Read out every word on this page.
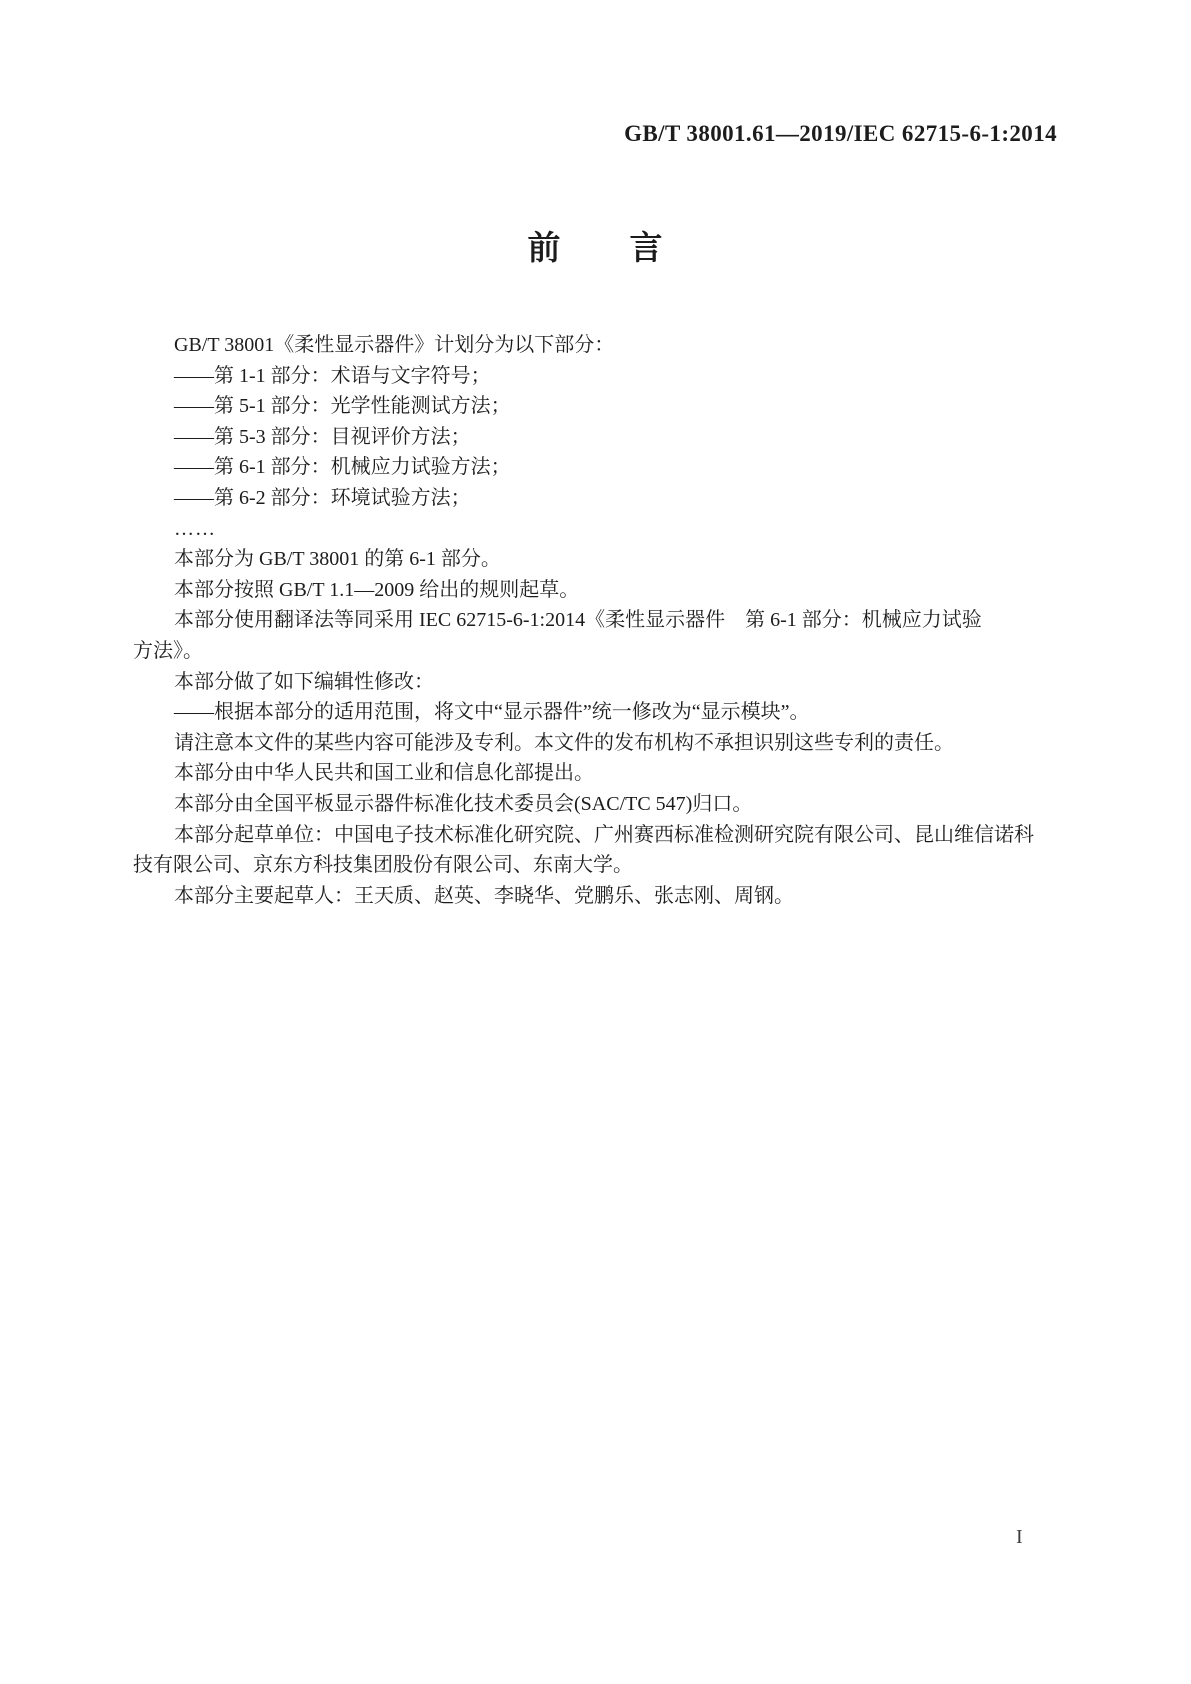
GB/T 38001.61—2019/IEC 62715-6-1:2014
前　　言
GB/T 38001《柔性显示器件》计划分为以下部分：
——第 1-1 部分：术语与文字符号；
——第 5-1 部分：光学性能测试方法；
——第 5-3 部分：目视评价方法；
——第 6-1 部分：机械应力试验方法；
——第 6-2 部分：环境试验方法；
……
本部分为 GB/T 38001 的第 6-1 部分。
本部分按照 GB/T 1.1—2009 给出的规则起草。
本部分使用翻译法等同采用 IEC 62715-6-1:2014《柔性显示器件　第 6-1 部分：机械应力试验
方法》。
本部分做了如下编辑性修改：
——根据本部分的适用范围，将文中“显示器件”统一修改为“显示模块”。
请注意本文件的某些内容可能涉及专利。本文件的发布机构不承担识别这些专利的责任。
本部分由中华人民共和国工业和信息化部提出。
本部分由全国平板显示器件标准化技术委员会(SAC/TC 547)归口。
本部分起草单位：中国电子技术标准化研究院、广州赛西标准检测研究院有限公司、昆山维信诺科
技有限公司、京东方科技集团股份有限公司、东南大学。
本部分主要起草人：王天质、赵英、李晓华、党鹏乐、张志刚、周钢。
I
